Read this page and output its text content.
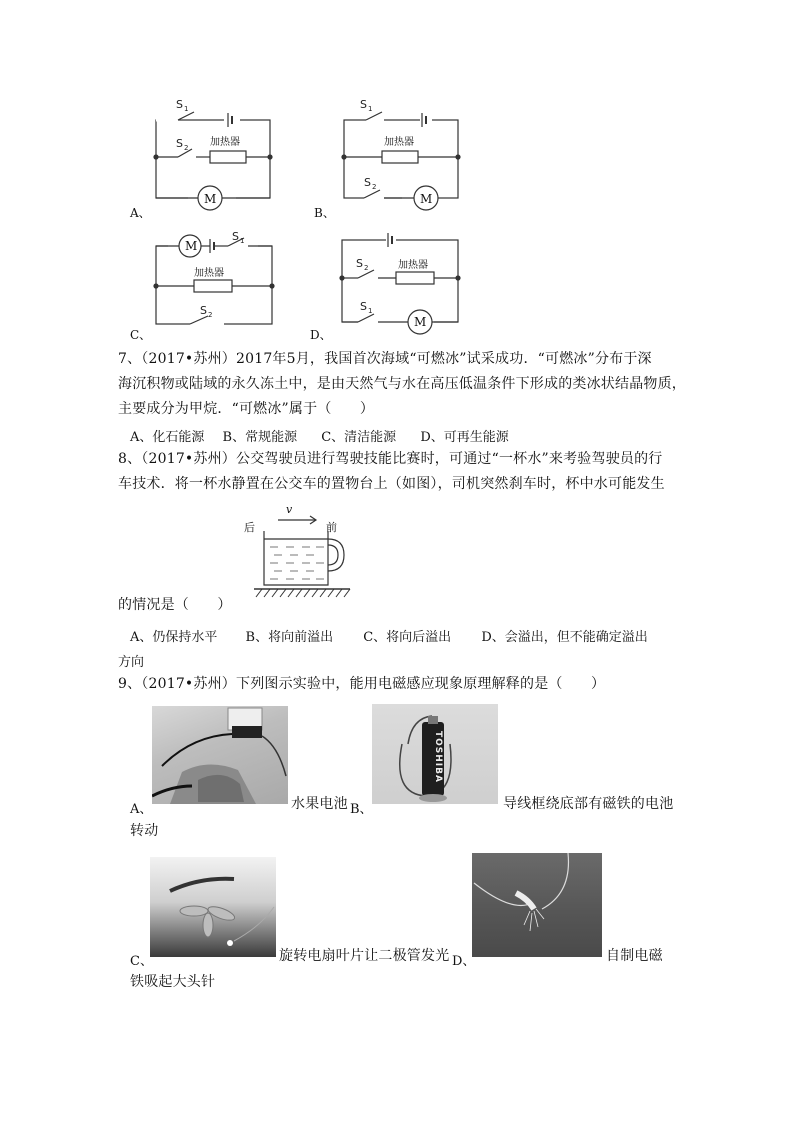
S 1
S 2 加热器
M
A、
S 1
S 2
加热器
M
B、
S 1
S 2
M
加热器
C、
S 2
S 1
加热器
M
D、
7、（2017•苏州）2017年5月，我国首次海域“可燃冰”试采成功．“可燃冰”分布于深
海沉积物或陆域的永久冻土中，是由天然气与水在高压低温条件下形成的类冰状结晶物质，
主要成分为甲烷．“可燃冰”属于（　　）
A、化石能源 B、常规能源 C、清洁能源 D、可再生能源
8、（2017•苏州）公交驾驶员进行驾驶技能比赛时，可通过“一杯水”来考验驾驶员的行
车技术．将一杯水静置在公交车的置物台上（如图），司机突然刹车时，杯中水可能发生
后	前
v
的情况是（　　）
A、仍保持水平 B、将向前溢出 C、将向后溢出 D、会溢出，但不能确定溢出
方向
9、（2017•苏州）下列图示实验中，能用电磁感应现象原理解释的是（　　）
A、	水果电池
TOSHIBA
B、	导线框绕底部有磁铁的电池
转动
C、	旋转电扇叶片让二极管发光 D、	自制电磁
铁吸起大头针
